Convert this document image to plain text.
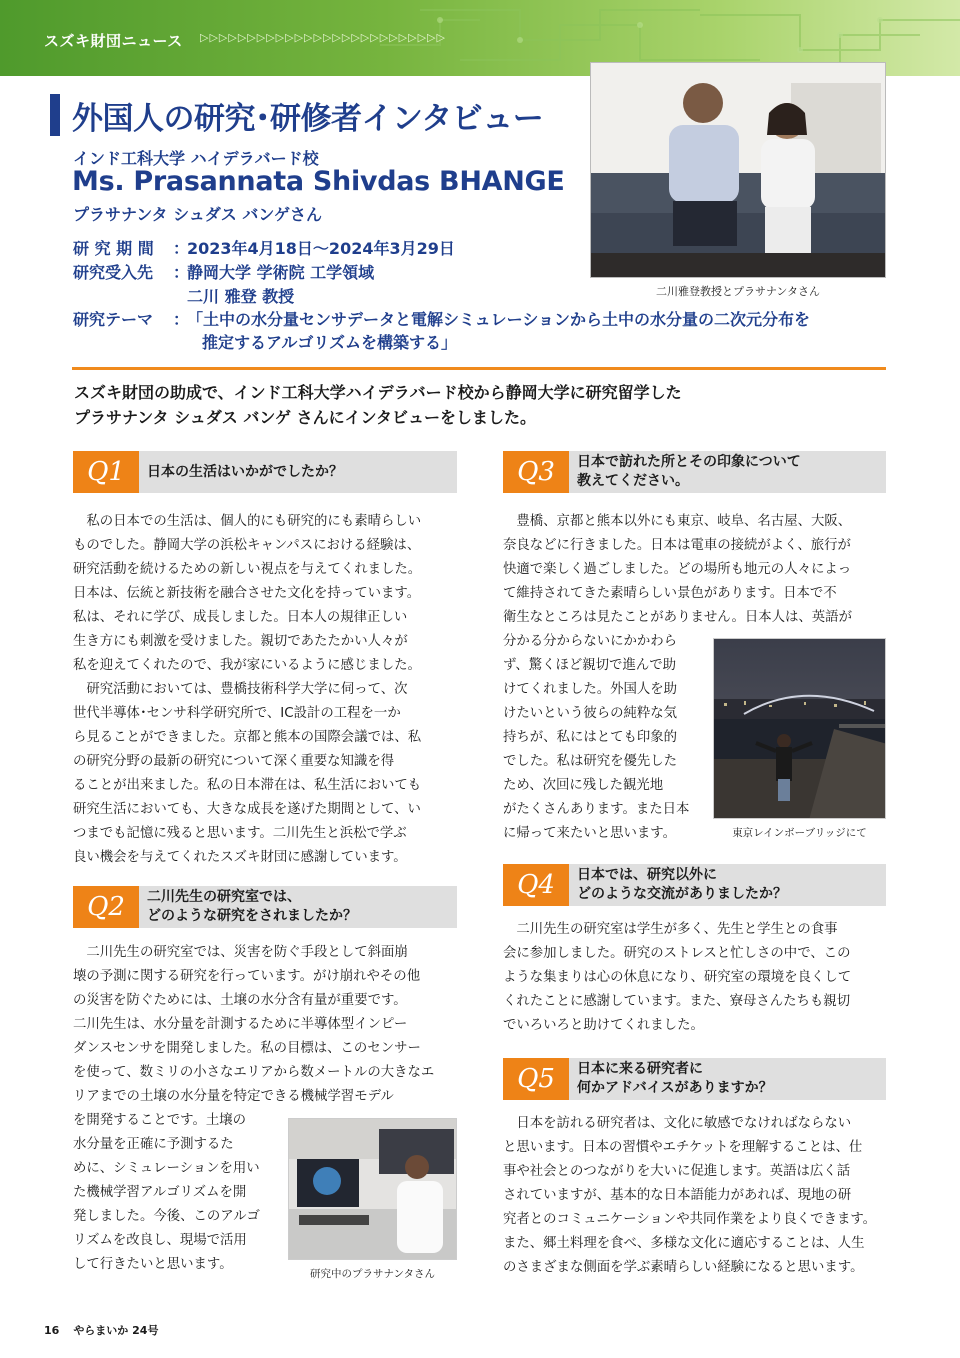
スズキ財団ニュース ▷▷▷▷▷▷▷▷▷▷▷▷▷▷▷▷▷▷▷▷▷▷▷▷▷▷
二川雅登教授とプラサナンタさん
外国人の研究･研修者インタビュー
インド工科大学 ハイデラバード校
Ms. Prasannata Shivdas BHANGE
プラサナンタ シュダス バンゲさん
研 究 期 間 ：2023年4月18日～2024年3月29日
研究受入先 ：静岡大学 学術院 工学領域
二川 雅登 教授
研究テーマ ：「土中の水分量センサデータと電解シミュレーションから土中の水分量の二次元分布を
推定するアルゴリズムを構築する」
スズキ財団の助成で、インド工科大学ハイデラバード校から静岡大学に研究留学した
プラサナンタ シュダス バンゲ さんにインタビューをしました。
Q1	日本の生活はいかがでしたか？
　私の日本での生活は、個人的にも研究的にも素晴らしい
ものでした。静岡大学の浜松キャンパスにおける経験は、
研究活動を続けるための新しい視点を与えてくれました。
日本は、伝統と新技術を融合させた文化を持っています。
私は、それに学び、成長しました。日本人の規律正しい
生き方にも刺激を受けました。親切であたたかい人々が
私を迎えてくれたので、我が家にいるように感じました。
　研究活動においては、豊橋技術科学大学に伺って、次
世代半導体･センサ科学研究所で、IC設計の工程を一か
ら見ることができました。京都と熊本の国際会議では、私
の研究分野の最新の研究について深く重要な知識を得
ることが出来ました。私の日本滞在は、私生活においても
研究生活においても、大きな成長を遂げた期間として、い
つまでも記憶に残ると思います。二川先生と浜松で学ぶ
良い機会を与えてくれたスズキ財団に感謝しています。
Q2	二川先生の研究室では、
どのような研究をされましたか？
　二川先生の研究室では、災害を防ぐ手段として斜面崩
壊の予測に関する研究を行っています。がけ崩れやその他
の災害を防ぐためには、土壌の水分含有量が重要です。
二川先生は、水分量を計測するために半導体型インピー
ダンスセンサを開発しました。私の目標は、このセンサー
を使って、数ミリの小さなエリアから数メートルの大きなエ
リアまでの土壌の水分量を特定できる機械学習モデル
を開発することです。土壌の
水分量を正確に予測するた
めに、シミュレーションを用い
た機械学習アルゴリズムを開
発しました。今後、このアルゴ
リズムを改良し、現場で活用
して行きたいと思います。
研究中のプラサナンタさん
Q3	日本で訪れた所とその印象について
教えてください。
　豊橋、京都と熊本以外にも東京、岐阜、名古屋、大阪、
奈良などに行きました。日本は電車の接続がよく、旅行が
快適で楽しく過ごしました。どの場所も地元の人々によっ
て維持されてきた素晴らしい景色があります。日本で不
衛生なところは見たことがありません。日本人は、英語が
分かる分からないにかかわら
ず、驚くほど親切で進んで助
けてくれました。外国人を助
けたいという彼らの純粋な気
持ちが、私にはとても印象的
でした。私は研究を優先した
ため、次回に残した観光地
がたくさんあります。また日本
に帰って来たいと思います。	東京レインボーブリッジにて
Q4	日本では、研究以外に
どのような交流がありましたか？
　二川先生の研究室は学生が多く、先生と学生との食事
会に参加しました。研究のストレスと忙しさの中で、この
ような集まりは心の休息になり、研究室の環境を良くして
くれたことに感謝しています。また、寮母さんたちも親切
でいろいろと助けてくれました。
Q5	日本に来る研究者に
何かアドバイスがありますか？
　日本を訪れる研究者は、文化に敏感でなければならない
と思います。日本の習慣やエチケットを理解することは、仕
事や社会とのつながりを大いに促進します。英語は広く話
されていますが、基本的な日本語能力があれば、現地の研
究者とのコミュニケーションや共同作業をより良くできます。
また、郷土料理を食べ、多様な文化に適応することは、人生
のさまざまな側面を学ぶ素晴らしい経験になると思います。
16 やらまいか 24号
